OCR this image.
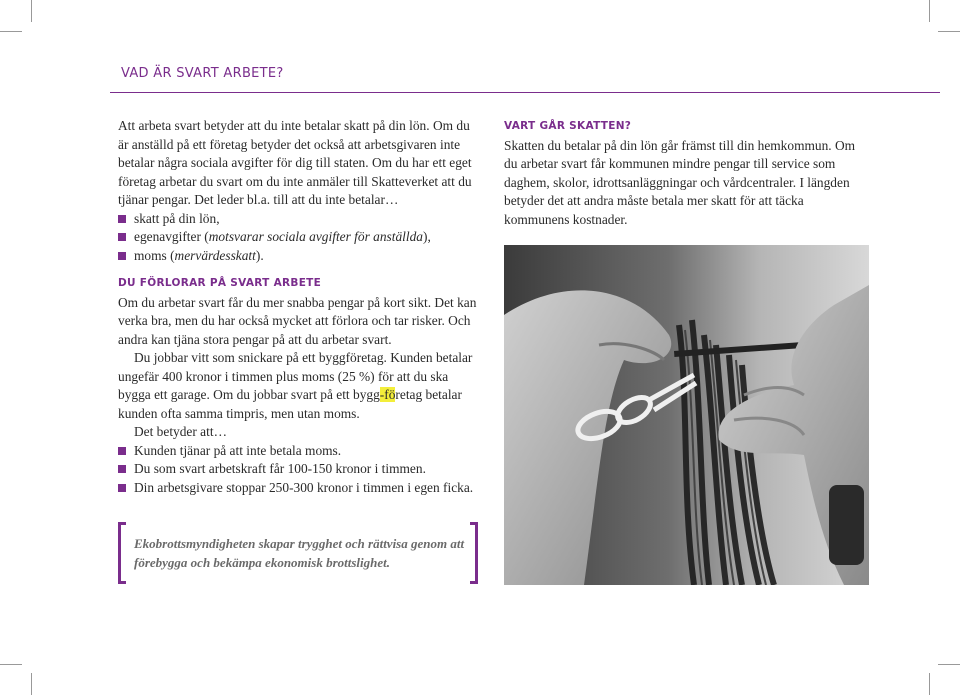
VAD ÄR SVART ARBETE?

Att arbeta svart betyder att du inte betalar skatt på din lön. Om du är anställd på ett företag betyder det också att arbetsgivaren inte betalar några sociala avgifter för dig till staten. Om du har ett eget företag arbetar du svart om du inte anmäler till Skatteverket att du tjänar pengar. Det leder bl.a. till att du inte betalar…

skatt på din lön,
egenavgifter (motsvarar sociala avgifter för anställda),
moms (mervärdesskatt).
DU FÖRLORAR PÅ SVART ARBETE

Om du arbetar svart får du mer snabba pengar på kort sikt. Det kan verka bra, men du har också mycket att förlora och tar risker. Och andra kan tjäna stora pengar på att du arbetar svart.

Du jobbar vitt som snickare på ett byggföretag. Kunden betalar ungefär 400 kronor i timmen plus moms (25 %) för att du ska bygga ett garage. Om du jobbar svart på ett bygg-företag betalar kunden ofta samma timpris, men utan moms.

Det betyder att…

Kunden tjänar på att inte betala moms.
Du som svart arbetskraft får 100-150 kronor i timmen.
Din arbetsgivare stoppar 250-300 kronor i timmen i egen ficka.
Ekobrottsmyndigheten skapar trygghet och rättvisa genom att förebygga och bekämpa ekonomisk brottslighet.
VART GÅR SKATTEN?

Skatten du betalar på din lön går främst till din hemkommun. Om du arbetar svart får kommunen mindre pengar till service som daghem, skolor, idrottsanläggningar och vårdcentraler. I längden betyder det att andra måste betala mer skatt för att täcka kommunens kostnader.
